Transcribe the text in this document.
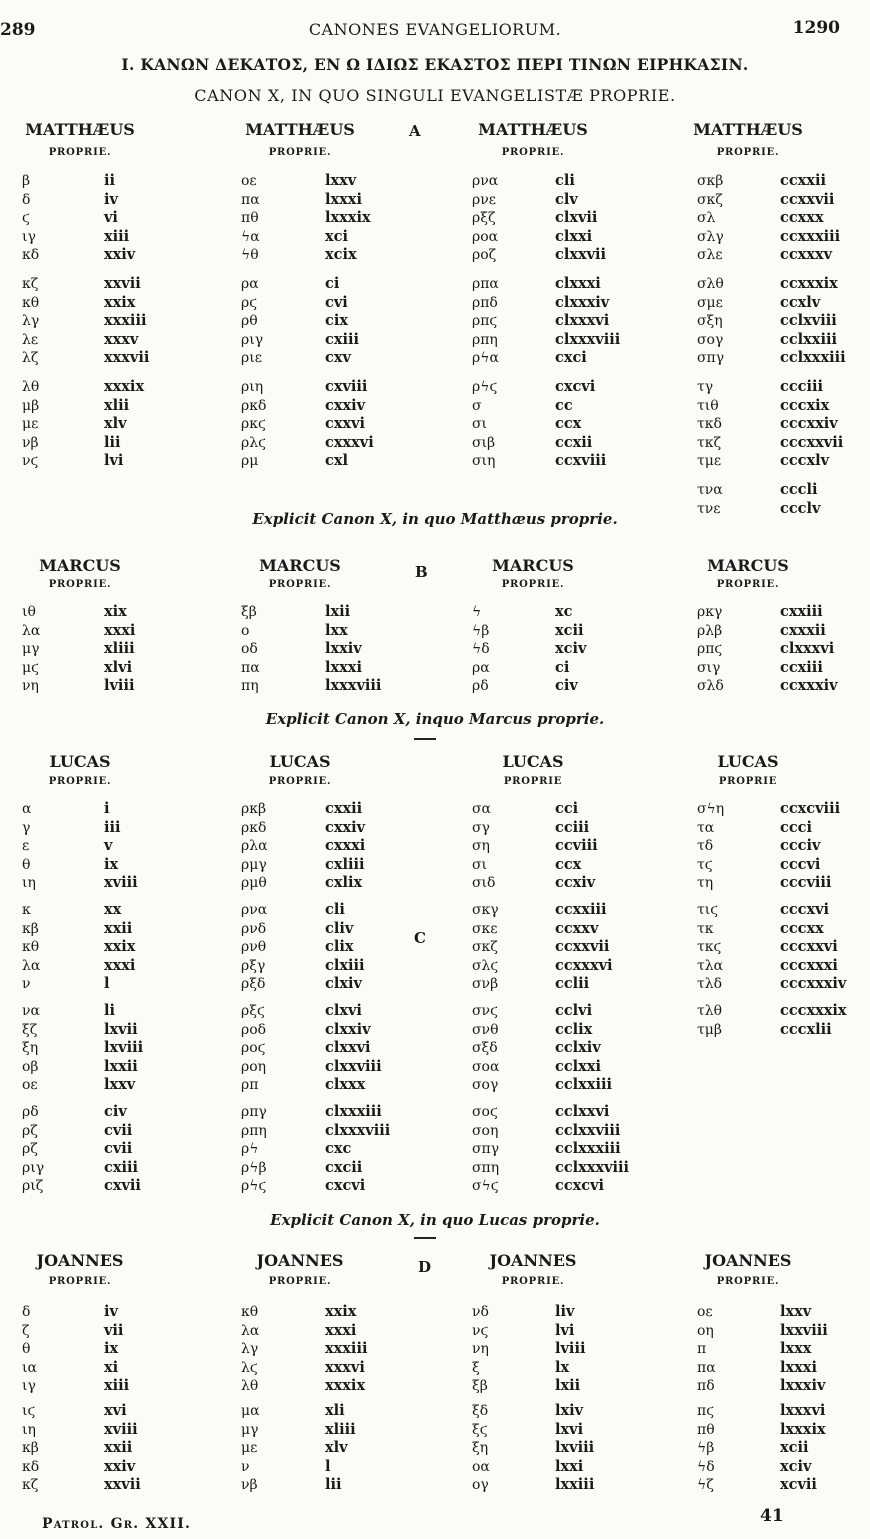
289	CANONES EVANGELIORUM.	1290
I. ΚΑΝΩΝ ΔΕΚΑΤΟΣ, ΕΝ Ω ΙΔΙΩΣ ΕΚΑΣΤΟΣ ΠΕΡΙ ΤΙΝΩΝ ΕΙΡΗΚΑΣΙΝ.
CANON X, IN QUO SINGULI EVANGELISTÆ PROPRIE.
A
Explicit Canon X, in quo Matthæus proprie.
MATTHÆUS
PROPRIE.
β	ii
δ	iv
ϛ	vi
ιγ	xiii
κδ	xxiv
κζ	xxvii
κθ	xxix
λγ	xxxiii
λε	xxxv
λζ	xxxvii
λθ	xxxix
μβ	xlii
με	xlv
νβ	lii
νϛ	lvi
MATTHÆUS
PROPRIE.
οε	lxxv
πα	lxxxi
πθ	lxxxix
ϟα	xci
ϟθ	xcix
ρα	ci
ρϛ	cvi
ρθ	cix
ριγ	cxiii
ριε	cxv
ριη	cxviii
ρκδ	cxxiv
ρκϛ	cxxvi
ρλϛ	cxxxvi
ρμ	cxl
MATTHÆUS
PROPRIE.
ρνα	cli
ρνε	clv
ρξζ	clxvii
ροα	clxxi
ροζ	clxxvii
ρπα	clxxxi
ρπδ	clxxxiv
ρπϛ	clxxxvi
ρπη	clxxxviii
ρϟα	cxci
ρϟϛ	cxcvi
σ	cc
σι	ccx
σιβ	ccxii
σιη	ccxviii
MATTHÆUS
PROPRIE.
σκβ	ccxxii
σκζ	ccxxvii
σλ	ccxxx
σλγ	ccxxxiii
σλε	ccxxxv
σλθ	ccxxxix
σμε	ccxlv
σξη	cclxviii
σογ	cclxxiii
σπγ	cclxxxiii
τγ	ccciii
τιθ	cccxix
τκδ	cccxxiv
τκζ	cccxxvii
τμε	cccxlv
τνα	cccli
τνε	ccclv
B
Explicit Canon X, inquo Marcus proprie.
MARCUS
PROPRIE.
ιθ	xix
λα	xxxi
μγ	xliii
μϛ	xlvi
νη	lviii
MARCUS
PROPRIE.
ξβ	lxii
ο	lxx
οδ	lxxiv
πα	lxxxi
πη	lxxxviii
MARCUS
PROPRIE.
ϟ	xc
ϟβ	xcii
ϟδ	xciv
ρα	ci
ρδ	civ
MARCUS
PROPRIE.
ρκγ	cxxiii
ρλβ	cxxxii
ρπϛ	clxxxvi
σιγ	ccxiii
σλδ	ccxxxiv
C
Explicit Canon X, in quo Lucas proprie.
LUCAS
PROPRIE.
α	i
γ	iii
ε	v
θ	ix
ιη	xviii
κ	xx
κβ	xxii
κθ	xxix
λα	xxxi
ν	l
να	li
ξζ	lxvii
ξη	lxviii
οβ	lxxii
οε	lxxv
ρδ	civ
ρζ	cvii
ρζ	cvii
ριγ	cxiii
ριζ	cxvii
LUCAS
PROPRIE.
ρκβ	cxxii
ρκδ	cxxiv
ρλα	cxxxi
ρμγ	cxliii
ρμθ	cxlix
ρνα	cli
ρνδ	cliv
ρνθ	clix
ρξγ	clxiii
ρξδ	clxiv
ρξϛ	clxvi
ροδ	clxxiv
ροϛ	clxxvi
ροη	clxxviii
ρπ	clxxx
ρπγ	clxxxiii
ρπη	clxxxviii
ρϟ	cxc
ρϟβ	cxcii
ρϟϛ	cxcvi
LUCAS
PROPRIE
σα	cci
σγ	cciii
ση	ccviii
σι	ccx
σιδ	ccxiv
σκγ	ccxxiii
σκε	ccxxv
σκζ	ccxxvii
σλϛ	ccxxxvi
σνβ	cclii
σνϛ	cclvi
σνθ	cclix
σξδ	cclxiv
σοα	cclxxi
σογ	cclxxiii
σοϛ	cclxxvi
σοη	cclxxviii
σπγ	cclxxxiii
σπη	cclxxxviii
σϟϛ	ccxcvi
LUCAS
PROPRIE
σϟη	ccxcviii
τα	ccci
τδ	ccciv
τϛ	cccvi
τη	cccviii
τιϛ	cccxvi
τκ	cccxx
τκϛ	cccxxvi
τλα	cccxxxi
τλδ	cccxxxiv
τλθ	cccxxxix
τμβ	cccxlii
D
JOANNES
PROPRIE.
δ	iv
ζ	vii
θ	ix
ια	xi
ιγ	xiii
ιϛ	xvi
ιη	xviii
κβ	xxii
κδ	xxiv
κζ	xxvii
JOANNES
PROPRIE.
κθ	xxix
λα	xxxi
λγ	xxxiii
λϛ	xxxvi
λθ	xxxix
μα	xli
μγ	xliii
με	xlv
ν	l
νβ	lii
JOANNES
PROPRIE.
νδ	liv
νϛ	lvi
νη	lviii
ξ	lx
ξβ	lxii
ξδ	lxiv
ξϛ	lxvi
ξη	lxviii
οα	lxxi
ογ	lxxiii
JOANNES
PROPRIE.
οε	lxxv
οη	lxxviii
π	lxxx
πα	lxxxi
πδ	lxxxiv
πϛ	lxxxvi
πθ	lxxxix
ϟβ	xcii
ϟδ	xciv
ϟζ	xcvii
Patrol. Gr. XXII.	41
